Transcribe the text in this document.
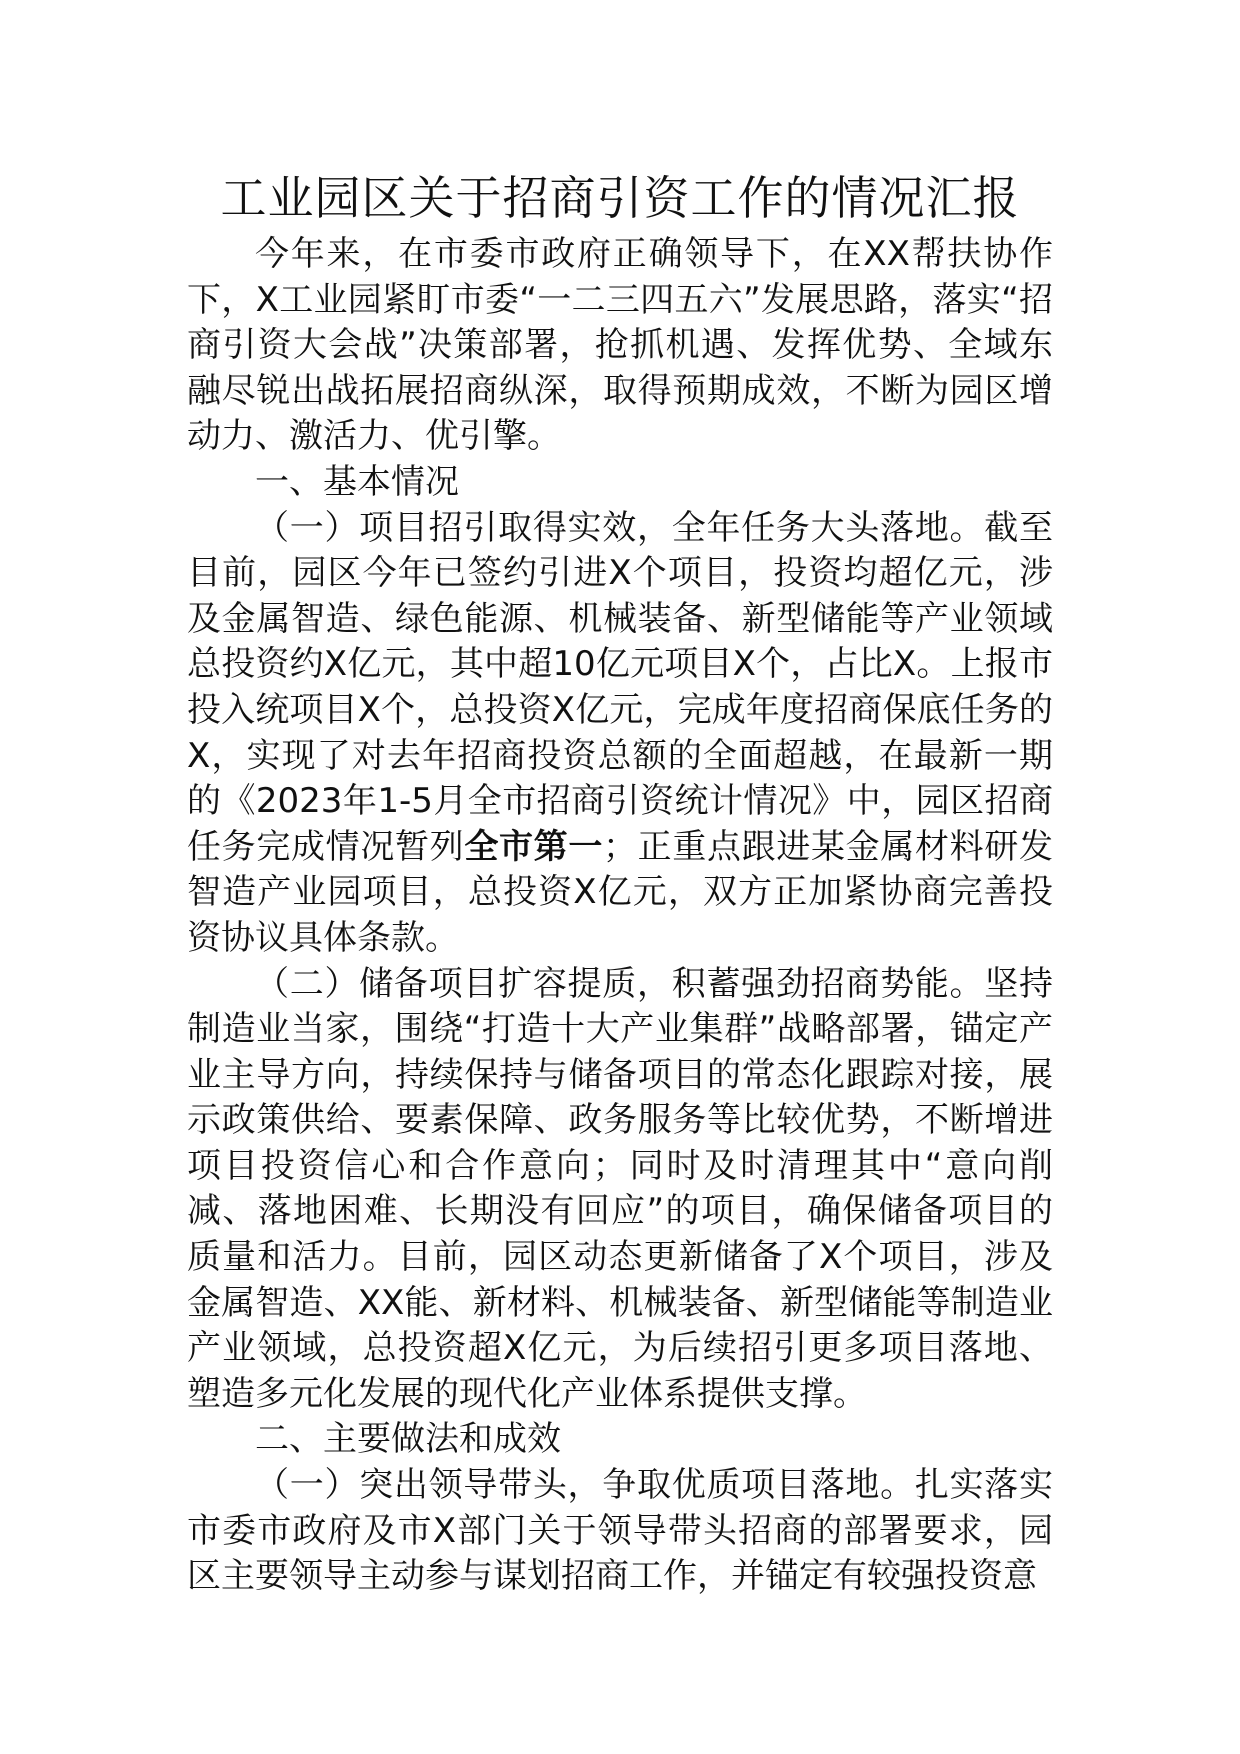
工业园区关于招商引资工作的情况汇报

今年来，在市委市政府正确领导下，在XX帮扶协作下，X工业园紧盯市委“一二三四五六”发展思路，落实“招商引资大会战”决策部署，抢抓机遇、发挥优势、全域东融尽锐出战拓展招商纵深，取得预期成效，不断为园区增动力、激活力、优引擎。

一、基本情况

（一）项目招引取得实效，全年任务大头落地。截至目前，园区今年已签约引进X个项目，投资均超亿元，涉及金属智造、绿色能源、机械装备、新型储能等产业领域总投资约X亿元，其中超10亿元项目X个，占比X。上报市投入统项目X个，总投资X亿元，完成年度招商保底任务的X，实现了对去年招商投资总额的全面超越，在最新一期的《2023年1-5月全市招商引资统计情况》中，园区招商任务完成情况暂列全市第一；正重点跟进某金属材料研发智造产业园项目，总投资X亿元，双方正加紧协商完善投资协议具体条款。

（二）储备项目扩容提质，积蓄强劲招商势能。坚持制造业当家，围绕“打造十大产业集群”战略部署，锚定产业主导方向，持续保持与储备项目的常态化跟踪对接，展示政策供给、要素保障、政务服务等比较优势，不断增进项目投资信心和合作意向；同时及时清理其中“意向削减、落地困难、长期没有回应”的项目，确保储备项目的质量和活力。目前，园区动态更新储备了X个项目，涉及金属智造、XX能、新材料、机械装备、新型储能等制造业产业领域，总投资超X亿元，为后续招引更多项目落地、塑造多元化发展的现代化产业体系提供支撑。

二、主要做法和成效

（一）突出领导带头，争取优质项目落地。扎实落实市委市政府及市X部门关于领导带头招商的部署要求，园区主要领导主动参与谋划招商工作，并锚定有较强投资意
